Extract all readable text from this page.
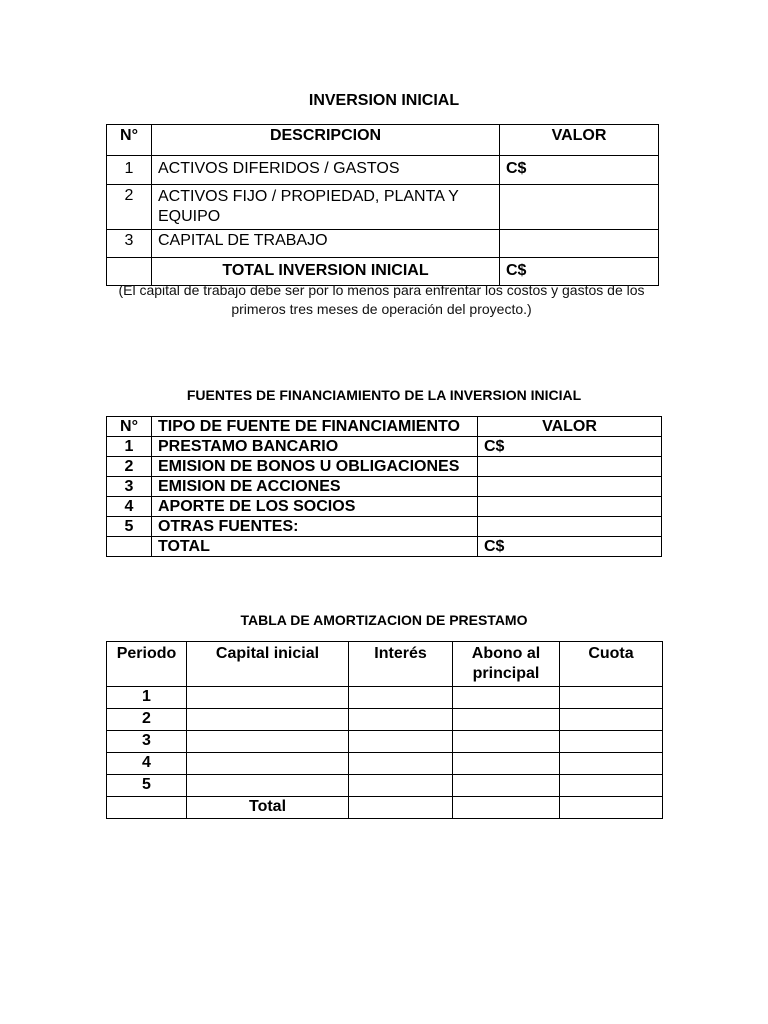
INVERSION INICIAL
N°	DESCRIPCION	VALOR
1	ACTIVOS DIFERIDOS / GASTOS	C$
2	ACTIVOS FIJO / PROPIEDAD, PLANTA Y EQUIPO	
3	CAPITAL DE TRABAJO	
	TOTAL INVERSION INICIAL	C$
(El capital de trabajo debe ser por lo menos para enfrentar los costos y gastos de los primeros tres meses de operación del proyecto.)
FUENTES DE FINANCIAMIENTO DE LA INVERSION INICIAL
N°	TIPO DE FUENTE DE FINANCIAMIENTO	VALOR
1	PRESTAMO BANCARIO	C$
2	EMISION DE BONOS U OBLIGACIONES	
3	EMISION DE ACCIONES	
4	APORTE DE LOS SOCIOS	
5	OTRAS FUENTES:	
	TOTAL	C$
TABLA DE AMORTIZACION DE PRESTAMO
Periodo	Capital inicial	Interés	Abono al principal	Cuota
1				
2				
3				
4				
5				
	Total			
